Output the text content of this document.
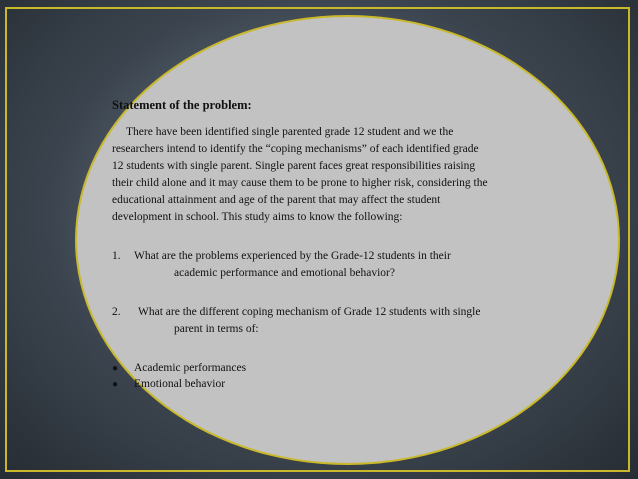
Statement of the problem:
There have been identified single parented grade 12 student and we the
researchers intend to identify the “coping mechanisms” of each identified grade
12 students with single parent. Single parent faces great responsibilities raising
their child alone and it may cause them to be prone to higher risk, considering the
educational attainment and age of the parent that may affect the student
development in school. This study aims to know the following:
1.	What are the problems experienced by the Grade-12 students in their
academic performance and emotional behavior?
2.	What are the different coping mechanism of Grade 12 students with single
parent in terms of:
●	Academic performances
●	Emotional behavior
